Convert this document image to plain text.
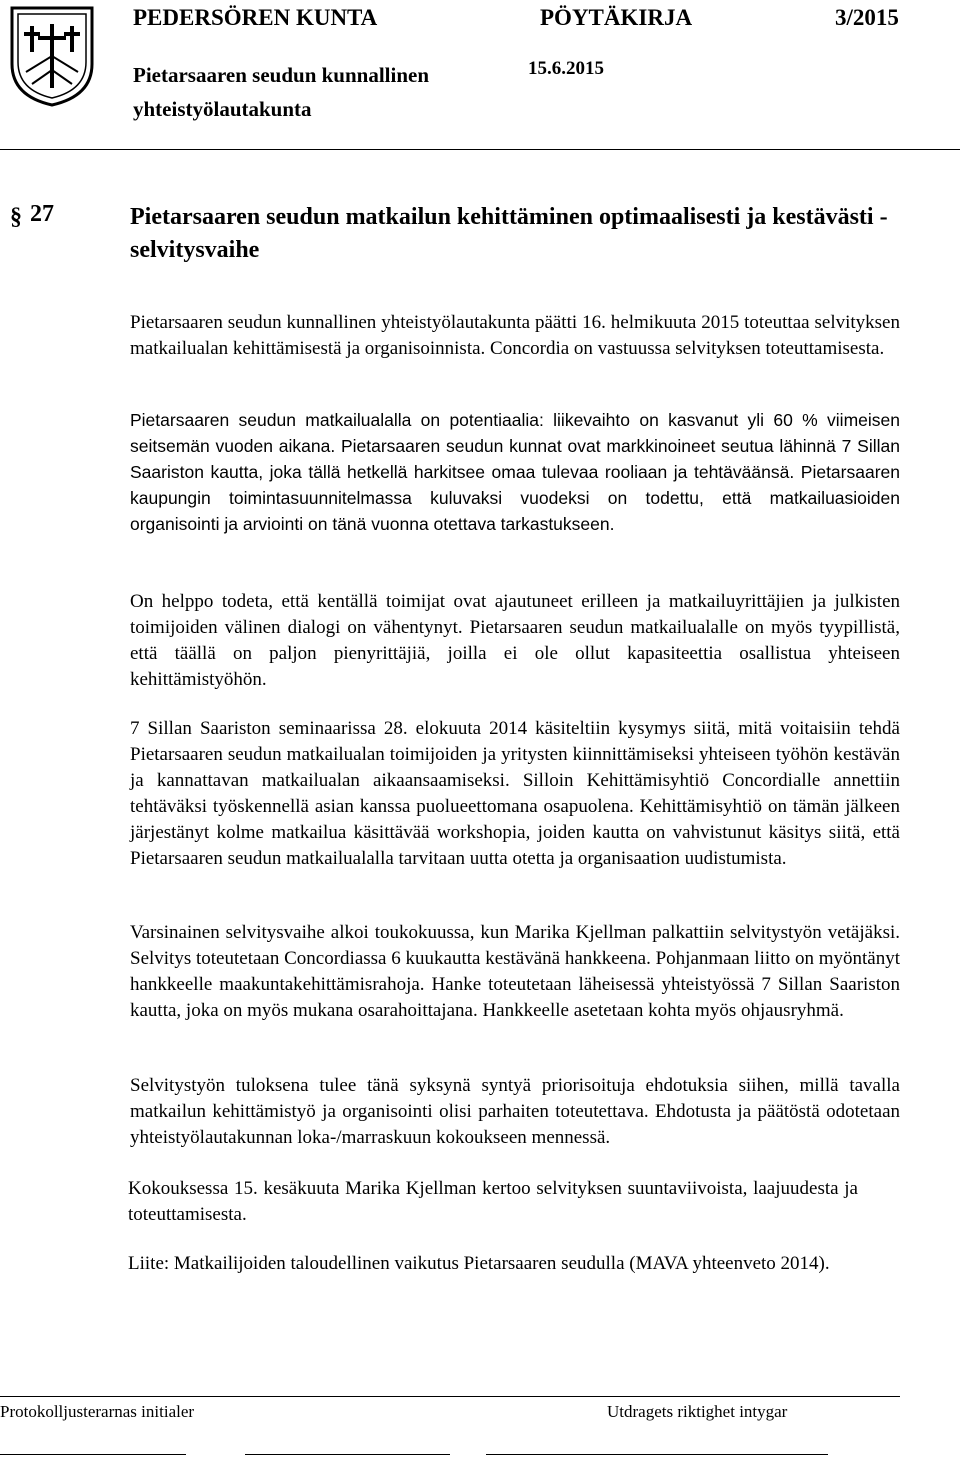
PEDERSÖREN KUNTA	PÖYTÄKIRJA	3/2015
Pietarsaaren seudun kunnallinen yhteistyölautakunta
15.6.2015
§ 27	Pietarsaaren seudun matkailun kehittäminen optimaalisesti ja kestävästi - selvitysvaihe
Pietarsaaren seudun kunnallinen yhteistyölautakunta päätti 16. helmikuuta 2015 toteuttaa selvityksen matkailualan kehittämisestä ja organisoinnista. Concordia on vastuussa selvityksen toteuttamisesta.
Pietarsaaren seudun matkailualalla on potentiaalia: liikevaihto on kasvanut yli 60 % viimeisen seitsemän vuoden aikana. Pietarsaaren seudun kunnat ovat markkinoineet seutua lähinnä 7 Sillan Saariston kautta, joka tällä hetkellä harkitsee omaa tulevaa rooliaan ja tehtäväänsä. Pietarsaaren kaupungin toimintasuunnitelmassa kuluvaksi vuodeksi on todettu, että matkailuasioiden organisointi ja arviointi on tänä vuonna otettava tarkastukseen.
On helppo todeta, että kentällä toimijat ovat ajautuneet erilleen ja matkailuyrittäjien ja julkisten toimijoiden välinen dialogi on vähentynyt. Pietarsaaren seudun matkailualalle on myös tyypillistä, että täällä on paljon pienyrittäjiä, joilla ei ole ollut kapasiteettia osallistua yhteiseen kehittämistyöhön.
7 Sillan Saariston seminaarissa 28. elokuuta 2014 käsiteltiin kysymys siitä, mitä voitaisiin tehdä Pietarsaaren seudun matkailualan toimijoiden ja yritysten kiinnittämiseksi yhteiseen työhön kestävän ja kannattavan matkailualan aikaansaamiseksi. Silloin Kehittämisyhtiö Concordialle annettiin tehtäväksi työskennellä asian kanssa puolueettomana osapuolena. Kehittämisyhtiö on tämän jälkeen järjestänyt kolme matkailua käsittävää workshopia, joiden kautta on vahvistunut käsitys siitä, että Pietarsaaren seudun matkailualalla tarvitaan uutta otetta ja organisaation uudistumista.
Varsinainen selvitysvaihe alkoi toukokuussa, kun Marika Kjellman palkattiin selvitystyön vetäjäksi. Selvitys toteutetaan Concordiassa 6 kuukautta kestävänä hankkeena. Pohjanmaan liitto on myöntänyt hankkeelle maakuntakehittämisrahoja. Hanke toteutetaan läheisessä yhteistyössä 7 Sillan Saariston kautta, joka on myös mukana osarahoittajana. Hankkeelle asetetaan kohta myös ohjausryhmä.
Selvitystyön tuloksena tulee tänä syksynä syntyä priorisoituja ehdotuksia siihen, millä tavalla matkailun kehittämistyö ja organisointi olisi parhaiten toteutettava. Ehdotusta ja päätöstä odotetaan yhteistyölautakunnan loka-/marraskuun kokoukseen mennessä.
Kokouksessa 15. kesäkuuta Marika Kjellman kertoo selvityksen suuntaviivoista, laajuudesta ja toteuttamisesta.
Liite: Matkailijoiden taloudellinen vaikutus Pietarsaaren seudulla (MAVA yhteenveto 2014).
Protokolljusterarnas initialer	Utdragets riktighet intygar
